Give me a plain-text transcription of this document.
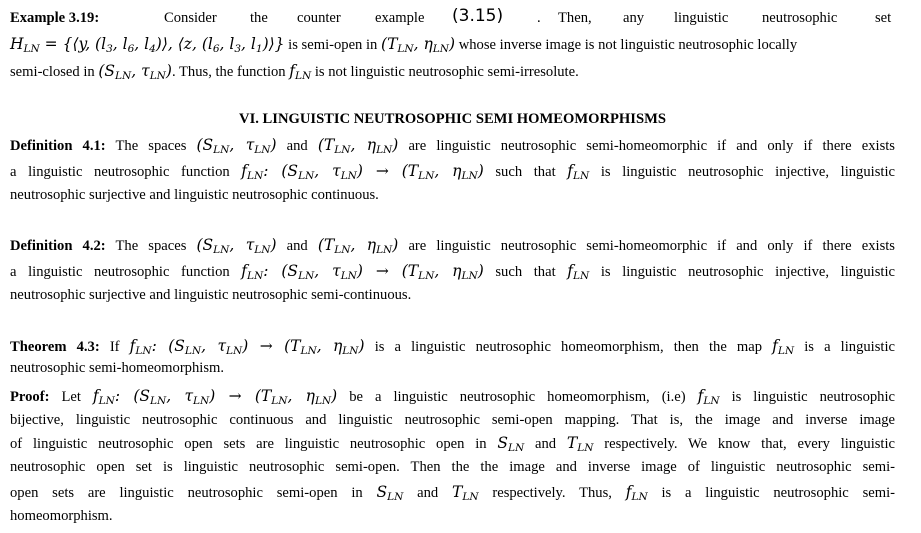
Example 3.19:	Consider the counter example (3.15) . Then, any linguistic neutrosophic	set
$H_{LN}$ = {⟨y, ($l_3$, $l_6$, $l_4)⟩$, ⟨z, ($l_6$, $l_3$, $l_1)⟩$} is semi-open in ($T_{LN}$, $\eta_{LN}$) whose inverse image is not linguistic neutrosophic locally
semi-closed in ($S_{LN}$, $\tau_{LN}$). Thus, the function $f_{LN}$ is not linguistic neutrosophic semi-irresolute.
VI. LINGUISTIC NEUTROSOPHIC SEMI HOMEOMORPHISMS
Definition 4.1: The spaces ($S_{LN}$, $\tau_{LN}$) and ($T_{LN}$, $\eta_{LN}$) are linguistic neutrosophic semi-homeomorphic if and only if there exists
a linguistic neutrosophic function $f_{LN}$: ($S_{LN}$, $\tau_{LN}) \to (T_{LN}$, $\eta_{LN}$) such that $f_{LN}$ is linguistic neutrosophic injective, linguistic
neutrosophic surjective and linguistic neutrosophic continuous.
Definition 4.2: The spaces ($S_{LN}$, $\tau_{LN}$) and ($T_{LN}$, $\eta_{LN}$) are linguistic neutrosophic semi-homeomorphic if and only if there exists
a linguistic neutrosophic function $f_{LN}$: ($S_{LN}$, $\tau_{LN}) \to (T_{LN}$, $\eta_{LN}$) such that $f_{LN}$ is linguistic neutrosophic injective, linguistic
neutrosophic surjective and linguistic neutrosophic semi-continuous.
Theorem 4.3: If $f_{LN}$: ($S_{LN}$, $\tau_{LN}) \to (T_{LN}$, $\eta_{LN}$) is a linguistic neutrosophic homeomorphism, then the map $f_{LN}$ is a linguistic
neutrosophic semi-homeomorphism.
Proof: Let $f_{LN}$: ($S_{LN}$, $\tau_{LN}) \to (T_{LN}$, $\eta_{LN}$) be a linguistic neutrosophic homeomorphism, (i.e) $f_{LN}$ is linguistic neutrosophic
bijective, linguistic neutrosophic continuous and linguistic neutrosophic semi-open mapping. That is, the image and inverse image
of linguistic neutrosophic open sets are linguistic neutrosophic open in $S_{LN}$ and $T_{LN}$ respectively. We know that, every linguistic
neutrosophic open set is linguistic neutrosophic semi-open. Then the the image and inverse image of linguistic neutrosophic semi-
open sets are linguistic neutrosophic semi-open in $S_{LN}$ and $T_{LN}$ respectively. Thus, $f_{LN}$ is a linguistic neutrosophic semi-
homeomorphism.
